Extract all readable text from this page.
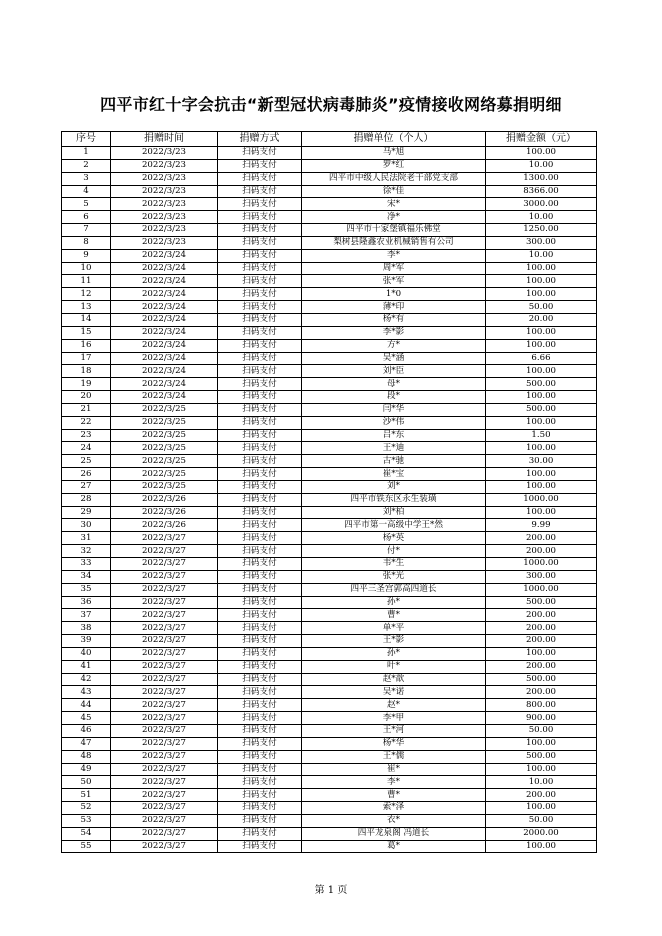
四平市红十字会抗击“新型冠状病毒肺炎”疫情接收网络募捐明细
序号	捐赠时间	捐赠方式	捐赠单位（个人）	捐赠金额（元）
1	2022/3/23	扫码支付	马*旭	100.00
2	2022/3/23	扫码支付	罗*红	10.00
3	2022/3/23	扫码支付	四平市中级人民法院老干部党支部	1300.00
4	2022/3/23	扫码支付	徐*佳	8366.00
5	2022/3/23	扫码支付	宋*	3000.00
6	2022/3/23	扫码支付	净*	10.00
7	2022/3/23	扫码支付	四平市十家堡镇福乐佛堂	1250.00
8	2022/3/23	扫码支付	梨树县隆鑫农业机械销售有公司	300.00
9	2022/3/24	扫码支付	李*	10.00
10	2022/3/24	扫码支付	周*军	100.00
11	2022/3/24	扫码支付	张*军	100.00
12	2022/3/24	扫码支付	1*0	100.00
13	2022/3/24	扫码支付	薄*印	50.00
14	2022/3/24	扫码支付	杨*有	20.00
15	2022/3/24	扫码支付	李*影	100.00
16	2022/3/24	扫码支付	方*	100.00
17	2022/3/24	扫码支付	吴*涵	6.66
18	2022/3/24	扫码支付	刘*臣	100.00
19	2022/3/24	扫码支付	母*	500.00
20	2022/3/24	扫码支付	段*	100.00
21	2022/3/25	扫码支付	闫*华	500.00
22	2022/3/25	扫码支付	沙*伟	100.00
23	2022/3/25	扫码支付	吕*东	1.50
24	2022/3/25	扫码支付	王*迪	100.00
25	2022/3/25	扫码支付	古*驰	30.00
26	2022/3/25	扫码支付	崔*宝	100.00
27	2022/3/25	扫码支付	刘*	100.00
28	2022/3/26	扫码支付	四平市铁东区永生装璜	1000.00
29	2022/3/26	扫码支付	刘*柏	100.00
30	2022/3/26	扫码支付	四平市第一高级中学王*然	9.99
31	2022/3/27	扫码支付	杨*英	200.00
32	2022/3/27	扫码支付	付*	200.00
33	2022/3/27	扫码支付	韦*生	1000.00
34	2022/3/27	扫码支付	张*光	300.00
35	2022/3/27	扫码支付	四平三圣宫郭高四道长	1000.00
36	2022/3/27	扫码支付	孙*	500.00
37	2022/3/27	扫码支付	曹*	200.00
38	2022/3/27	扫码支付	单*平	200.00
39	2022/3/27	扫码支付	王*影	200.00
40	2022/3/27	扫码支付	孙*	100.00
41	2022/3/27	扫码支付	叶*	200.00
42	2022/3/27	扫码支付	赵*歆	500.00
43	2022/3/27	扫码支付	吴*诺	200.00
44	2022/3/27	扫码支付	赵*	800.00
45	2022/3/27	扫码支付	李*甲	900.00
46	2022/3/27	扫码支付	王*河	50.00
47	2022/3/27	扫码支付	杨*华	100.00
48	2022/3/27	扫码支付	王*儒	500.00
49	2022/3/27	扫码支付	崔*	100.00
50	2022/3/27	扫码支付	李*	10.00
51	2022/3/27	扫码支付	曹*	200.00
52	2022/3/27	扫码支付	索*泽	100.00
53	2022/3/27	扫码支付	衣*	50.00
54	2022/3/27	扫码支付	四平龙泉阁 冯道长	2000.00
55	2022/3/27	扫码支付	葛*	100.00
第 1 页
